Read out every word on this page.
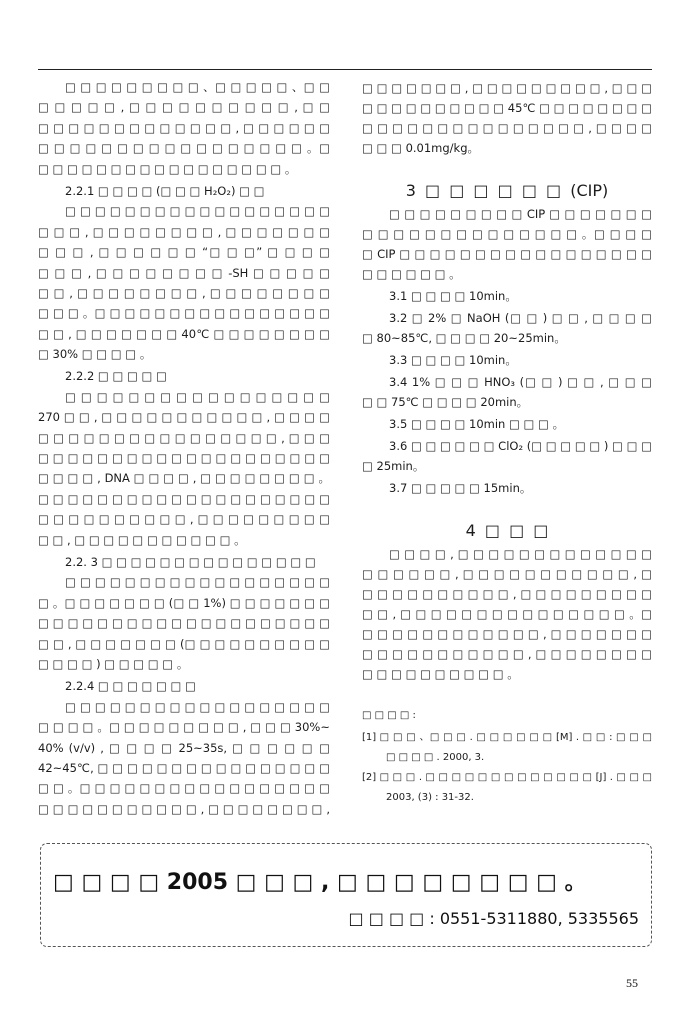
□ □ □ □ □ □ □ □ □ 、□ □ □ □ □ 、□ □
□ □ □ □ □ , □ □ □ □ □ □ □ □ □ □ , □ □
□ □ □ □ □ □ □ □ □ □ □ □ □ , □ □ □ □ □ □
□ □ □ □ □ □ □ □ □ □ □ □ □ □ □ □ □ 。□
□ □ □ □ □ □ □ □ □ □ □ □ □ □ □ □ □ 。
2.2.1 □ □ □ □ (□ □ □ H₂O₂) □ □
□ □ □ □ □ □ □ □ □ □ □ □ □ □ □ □ □ □
□ □ □ , □ □ □ □ □ □ □ □ , □ □ □ □ □ □ □
□ □ □ , □ □ □ □ □ □ “□ □ □” □ □ □ □
□ □ □ , □ □ □ □ □ □ □ □ -SH □ □ □ □ □
□ □ , □ □ □ □ □ □ □ □ , □ □ □ □ □ □ □ □
□ □ □ 。□ □ □ □ □ □ □ □ □ □ □ □ □ □ □ □
□ □ , □ □ □ □ □ □ □ 40℃ □ □ □ □ □ □ □ □
□ 30% □ □ □ □ 。
2.2.2 □ □ □ □ □
□ □ □ □ □ □ □ □ □ □ □ □ □ □ □ □ □
270 □ □ , □ □ □ □ □ □ □ □ □ □ □ , □ □ □ □
□ □ □ □ □ □ □ □ □ □ □ □ □ □ □ □ , □ □ □
□ □ □ □ □ □ □ □ □ □ □ □ □ □ □ □ □ □ □ □
□ □ □ □ , DNA □ □ □ □ , □ □ □ □ □ □ □ □ 。
□ □ □ □ □ □ □ □ □ □ □ □ □ □ □ □ □ □ □ □
□ □ □ □ □ □ □ □ □ □ , □ □ □ □ □ □ □ □ □
□ □ , □ □ □ □ □ □ □ □ □ □ □ 。
2.2. 3 □ □ □ □ □ □ □ □ □ □ □ □ □ □ □
□ □ □ □ □ □ □ □ □ □ □ □ □ □ □ □ □ □
□ 。□ □ □ □ □ □ □ (□ □ 1%) □ □ □ □ □ □ □
□ □ □ □ □ □ □ □ □ □ □ □ □ □ □ □ □ □ □ □
□ □ , □ □ □ □ □ □ □ (□ □ □ □ □ □ □ □ □ □
□ □ □ □ ) □ □ □ □ □ 。
2.2.4 □ □ □ □ □ □ □
□ □ □ □ □ □ □ □ □ □ □ □ □ □ □ □ □ □
□ □ □ □ 。□ □ □ □ □ □ □ □ □ , □ □ □ 30%~
40% (v/v) , □ □ □ □ 25~35s, □ □ □ □ □ □
42~45℃, □ □ □ □ □ □ □ □ □ □ □ □ □ □ □ □
□ □ 。□ □ □ □ □ □ □ □ □ □ □ □ □ □ □ □ □
□ □ □ □ □ □ □ □ □ □ □ , □ □ □ □ □ □ □ □ ,
□ □ □ □ □ □ □ , □ □ □ □ □ □ □ □ □ , □ □ □
□ □ □ □ □ □ □ □ □ □ 45℃ □ □ □ □ □ □ □ □
□ □ □ □ □ □ □ □ □ □ □ □ □ □ □ , □ □ □ □
□ □ □ 0.01mg/kg。
3 □ □ □ □ □ □ (CIP)
□ □ □ □ □ □ □ □ □ CIP □ □ □ □ □ □ □
□ □ □ □ □ □ □ □ □ □ □ □ □ □ 。□ □ □ □
□ CIP □ □ □ □ □ □ □ □ □ □ □ □ □ □ □ □ □
□ □ □ □ □ □ 。
3.1 □ □ □ □ 10min。
3.2 □ 2% □ NaOH (□ □ ) □ □ , □ □ □ □
□ 80~85℃, □ □ □ □ 20~25min。
3.3 □ □ □ □ 10min。
3.4 1% □ □ □ HNO₃ (□ □ ) □ □ , □ □ □
□ □ 75℃ □ □ □ □ 20min。
3.5 □ □ □ □ 10min □ □ □ 。
3.6 □ □ □ □ □ □ ClO₂ (□ □ □ □ □ ) □ □ □
□ 25min。
3.7 □ □ □ □ □ 15min。
4 □ □ □
□ □ □ □ , □ □ □ □ □ □ □ □ □ □ □ □ □
□ □ □ □ □ □ , □ □ □ □ □ □ □ □ □ □ □ , □
□ □ □ □ □ □ □ □ □ □ , □ □ □ □ □ □ □ □ □
□ □ , □ □ □ □ □ □ □ □ □ □ □ □ □ □ □ 。□
□ □ □ □ □ □ □ □ □ □ □ □ , □ □ □ □ □ □ □
□ □ □ □ □ □ □ □ □ □ □ , □ □ □ □ □ □ □ □
□ □ □ □ □ □ □ □ □ □ 。
□ □ □ □ :
[1] □ □ □ 、□ □ □ . □ □ □ □ □ □ [M] . □ □ : □ □ □
□ □ □ □ . 2000, 3.
[2] □ □ □ . □ □ □ □ □ □ □ □ □ □ □ □ □ [J] . □ □ □
2003, (3) : 31-32.
□ □ □ □ 2005 □ □ □ , □ □ □ □ □ □ □ □ 。
□ □ □ □ : 0551-5311880, 5335565
55
